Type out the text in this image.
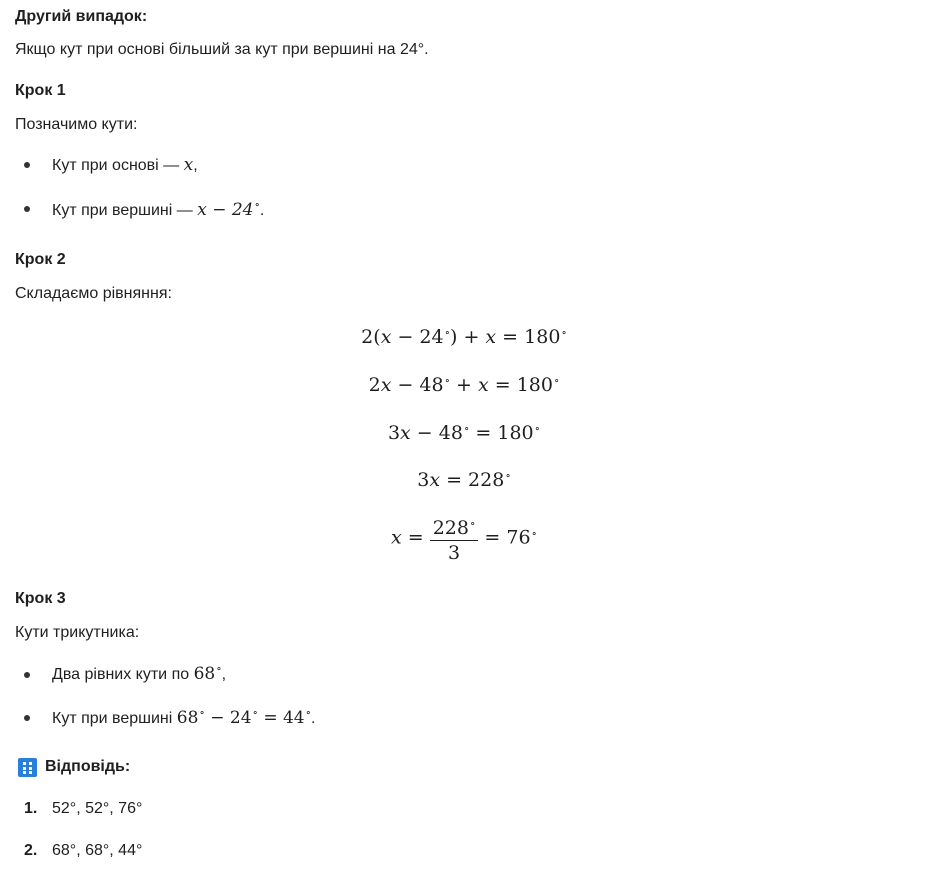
Другий випадок:
Якщо кут при основі більший за кут при вершині на 24°.
Крок 1
Позначимо кути:
Кут при основі — x,
Кут при вершині — x − 24∘.
Крок 2
Складаємо рівняння:
2(x − 24∘) + x = 180∘
2x − 48∘ + x = 180∘
3x − 48∘ = 180∘
3x = 228∘
$x = \frac{228^\circ}{3} = 76^\circ$
Крок 3
Кути трикутника:
Два рівних кути по 68∘,
Кут при вершині 68∘ − 24∘ = 44∘.
Відповідь:
1. 52°, 52°, 76°
2. 68°, 68°, 44°
